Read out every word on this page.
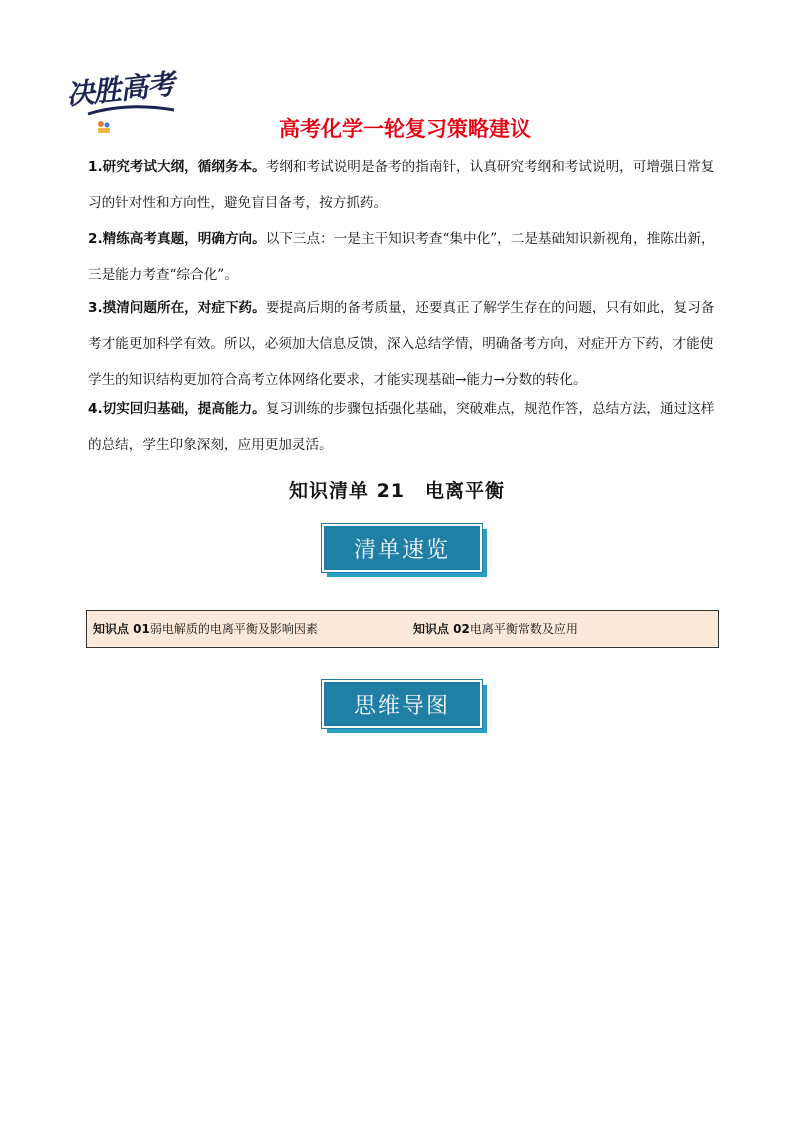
决胜高考
高考化学一轮复习策略建议
1.研究考试大纲，循纲务本。考纲和考试说明是备考的指南针，认真研究考纲和考试说明，可增强日常复习的针对性和方向性，避免盲目备考，按方抓药。
2.精练高考真题，明确方向。以下三点：一是主干知识考查“集中化”，二是基础知识新视角，推陈出新，三是能力考查“综合化”。
3.摸清问题所在，对症下药。要提高后期的备考质量，还要真正了解学生存在的问题，只有如此，复习备考才能更加科学有效。所以，必须加大信息反馈，深入总结学情，明确备考方向，对症开方下药，才能使学生的知识结构更加符合高考立体网络化要求，才能实现基础→能力→分数的转化。
4.切实回归基础，提高能力。复习训练的步骤包括强化基础，突破难点，规范作答，总结方法，通过这样的总结，学生印象深刻，应用更加灵活。
知识清单 21　电离平衡
清单速览
知识点 01弱电解质的电离平衡及影响因素	知识点 02电离平衡常数及应用
思维导图
